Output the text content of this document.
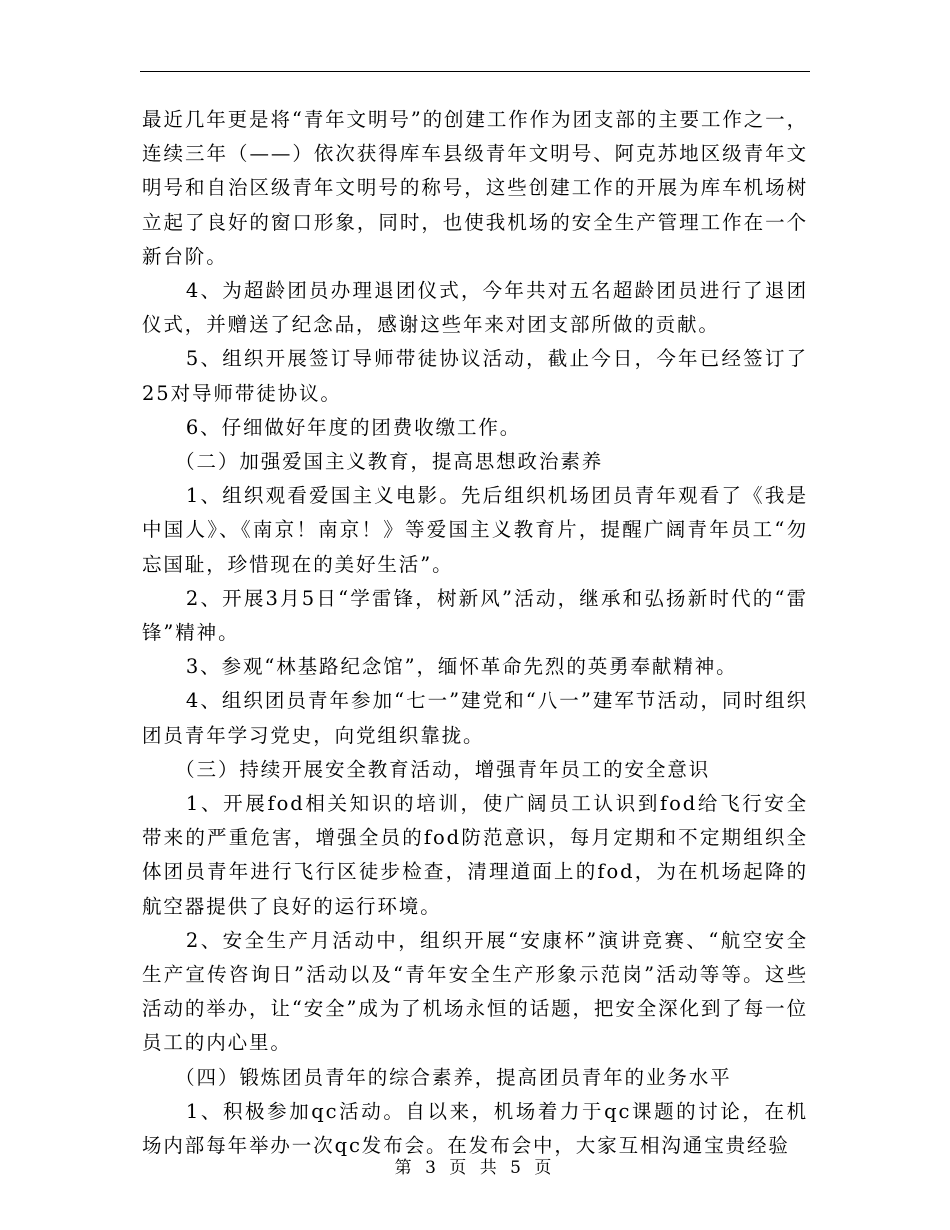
最近几年更是将“青年文明号”的创建工作作为团支部的主要工作之一，连续三年（——）依次获得库车县级青年文明号、阿克苏地区级青年文明号和自治区级青年文明号的称号，这些创建工作的开展为库车机场树立起了良好的窗口形象，同时，也使我机场的安全生产管理工作在一个新台阶。

4、为超龄团员办理退团仪式，今年共对五名超龄团员进行了退团仪式，并赠送了纪念品，感谢这些年来对团支部所做的贡献。

5、组织开展签订导师带徒协议活动，截止今日，今年已经签订了25对导师带徒协议。

6、仔细做好年度的团费收缴工作。

（二）加强爱国主义教育，提高思想政治素养

1、组织观看爱国主义电影。先后组织机场团员青年观看了《我是中国人》、《南京！南京！》等爱国主义教育片，提醒广阔青年员工“勿忘国耻，珍惜现在的美好生活”。

2、开展3月5日“学雷锋，树新风”活动，继承和弘扬新时代的“雷锋”精神。

3、参观“林基路纪念馆”，缅怀革命先烈的英勇奉献精神。

4、组织团员青年参加“七一”建党和“八一”建军节活动，同时组织团员青年学习党史，向党组织靠拢。

（三）持续开展安全教育活动，增强青年员工的安全意识

1、开展fod相关知识的培训，使广阔员工认识到fod给飞行安全带来的严重危害，增强全员的fod防范意识，每月定期和不定期组织全体团员青年进行飞行区徒步检查，清理道面上的fod，为在机场起降的航空器提供了良好的运行环境。

2、安全生产月活动中，组织开展“安康杯”演讲竞赛、“航空安全生产宣传咨询日”活动以及“青年安全生产形象示范岗”活动等等。这些活动的举办，让“安全”成为了机场永恒的话题，把安全深化到了每一位员工的内心里。

（四）锻炼团员青年的综合素养，提高团员青年的业务水平

1、积极参加qc活动。自以来，机场着力于qc课题的讨论，在机场内部每年举办一次qc发布会。在发布会中，大家互相沟通宝贵经验

第 3 页 共 5 页
